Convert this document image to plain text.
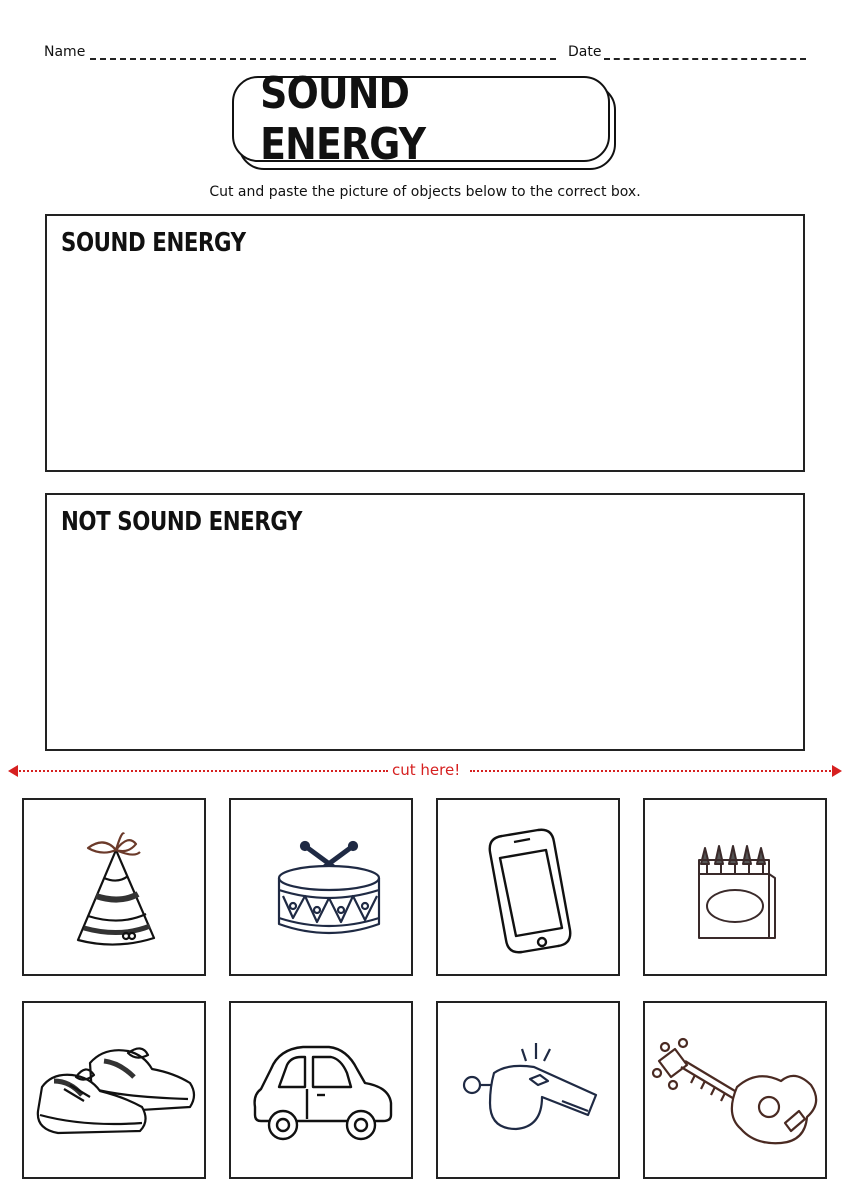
Name	Date
SOUND ENERGY
Cut and paste the picture of objects below to the correct box.
SOUND ENERGY
NOT SOUND ENERGY
cut here!
